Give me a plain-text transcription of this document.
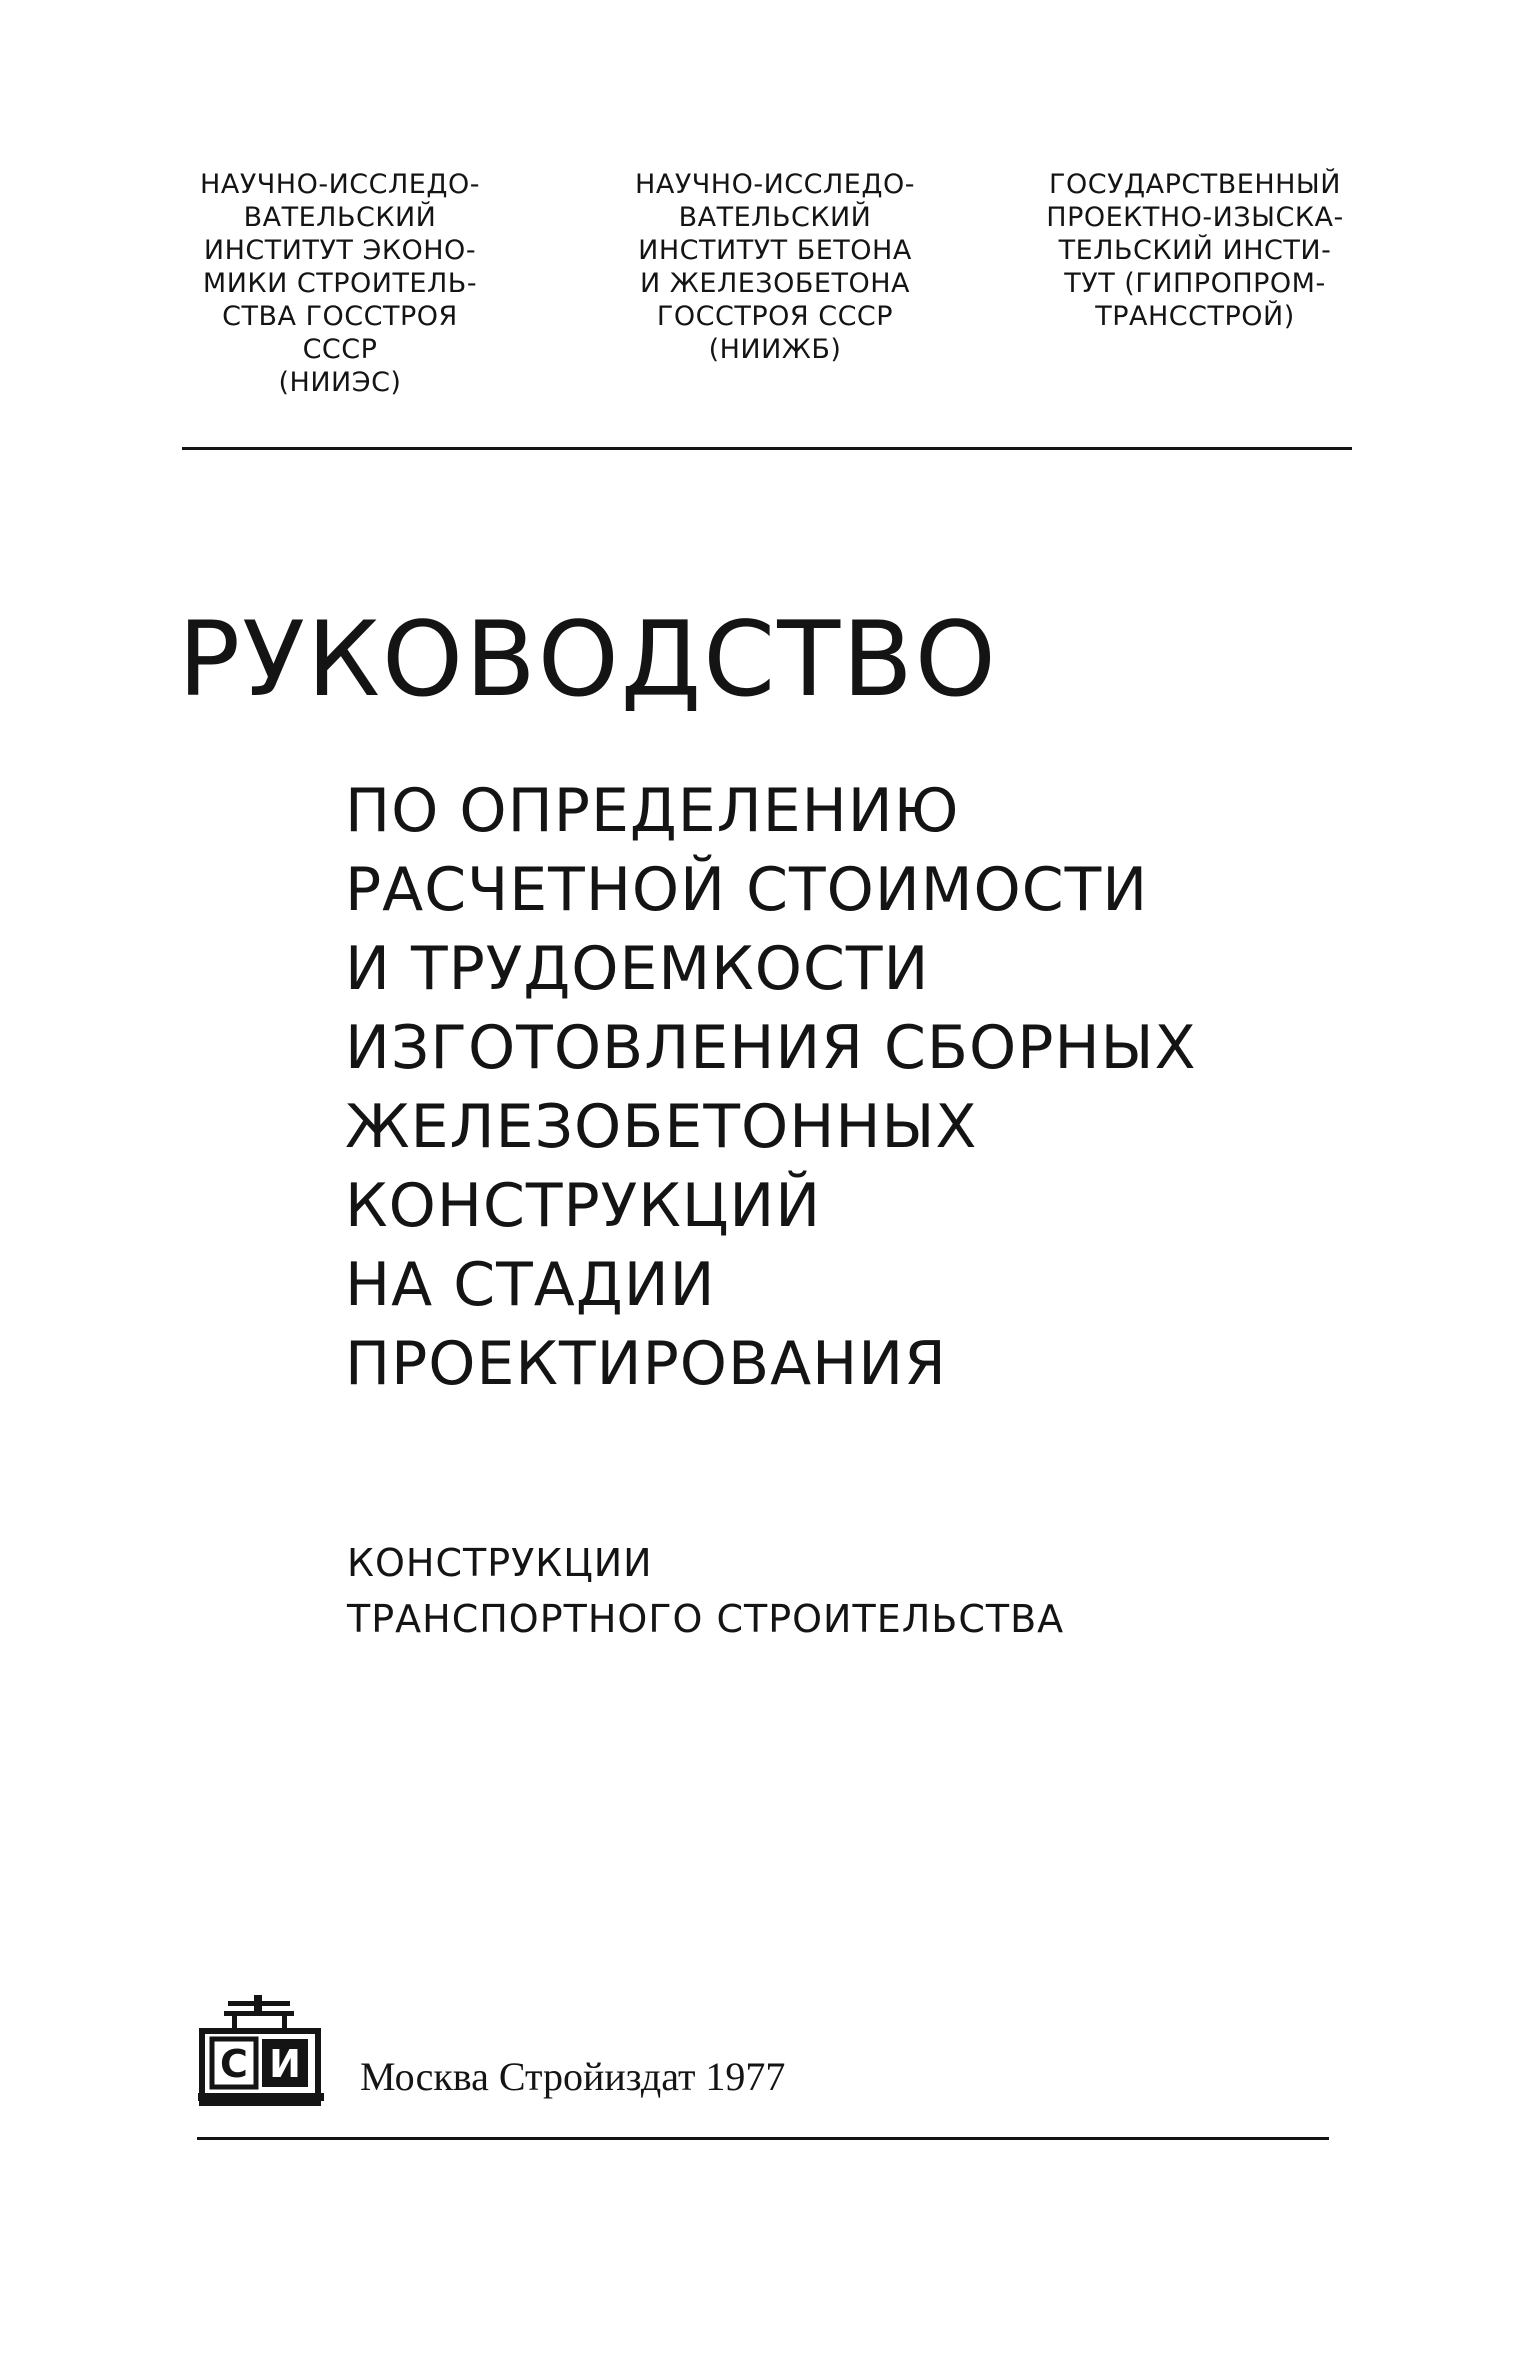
НАУЧНО-ИССЛЕДО-
ВАТЕЛЬСКИЙ
ИНСТИТУТ ЭКОНО-
МИКИ СТРОИТЕЛЬ-
СТВА ГОССТРОЯ
СССР
(НИИЭС)
НАУЧНО-ИССЛЕДО-
ВАТЕЛЬСКИЙ
ИНСТИТУТ БЕТОНА
И ЖЕЛЕЗОБЕТОНА
ГОССТРОЯ СССР
(НИИЖБ)
ГОСУДАРСТВЕННЫЙ
ПРОЕКТНО-ИЗЫСКА-
ТЕЛЬСКИЙ ИНСТИ-
ТУТ (ГИПРОПРОМ-
ТРАНССТРОЙ)
РУКОВОДСТВО
ПО ОПРЕДЕЛЕНИЮ
РАСЧЕТНОЙ СТОИМОСТИ
И ТРУДОЕМКОСТИ
ИЗГОТОВЛЕНИЯ СБОРНЫХ
ЖЕЛЕЗОБЕТОННЫХ
КОНСТРУКЦИЙ
НА СТАДИИ
ПРОЕКТИРОВАНИЯ
КОНСТРУКЦИИ
ТРАНСПОРТНОГО СТРОИТЕЛЬСТВА
С И Москва Стройиздат 1977
